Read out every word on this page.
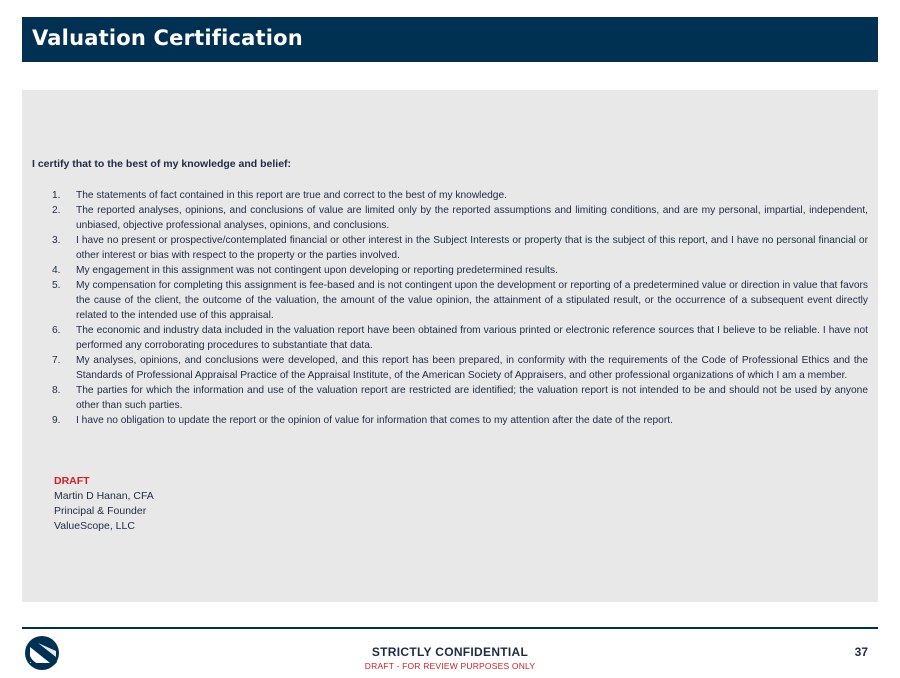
Valuation Certification
I certify that to the best of my knowledge and belief:
1. The statements of fact contained in this report are true and correct to the best of my knowledge.
2. The reported analyses, opinions, and conclusions of value are limited only by the reported assumptions and limiting conditions, and are my personal, impartial, independent, unbiased, objective professional analyses, opinions, and conclusions.
3. I have no present or prospective/contemplated financial or other interest in the Subject Interests or property that is the subject of this report, and I have no personal financial or other interest or bias with respect to the property or the parties involved.
4. My engagement in this assignment was not contingent upon developing or reporting predetermined results.
5. My compensation for completing this assignment is fee-based and is not contingent upon the development or reporting of a predetermined value or direction in value that favors the cause of the client, the outcome of the valuation, the amount of the value opinion, the attainment of a stipulated result, or the occurrence of a subsequent event directly related to the intended use of this appraisal.
6. The economic and industry data included in the valuation report have been obtained from various printed or electronic reference sources that I believe to be reliable. I have not performed any corroborating procedures to substantiate that data.
7. My analyses, opinions, and conclusions were developed, and this report has been prepared, in conformity with the requirements of the Code of Professional Ethics and the Standards of Professional Appraisal Practice of the Appraisal Institute, of the American Society of Appraisers, and other professional organizations of which I am a member.
8. The parties for which the information and use of the valuation report are restricted are identified; the valuation report is not intended to be and should not be used by anyone other than such parties.
9. I have no obligation to update the report or the opinion of value for information that comes to my attention after the date of the report.
DRAFT
Martin D Hanan, CFA
Principal & Founder
ValueScope, LLC
STRICTLY CONFIDENTIAL
DRAFT - FOR REVIEW PURPOSES ONLY
37
